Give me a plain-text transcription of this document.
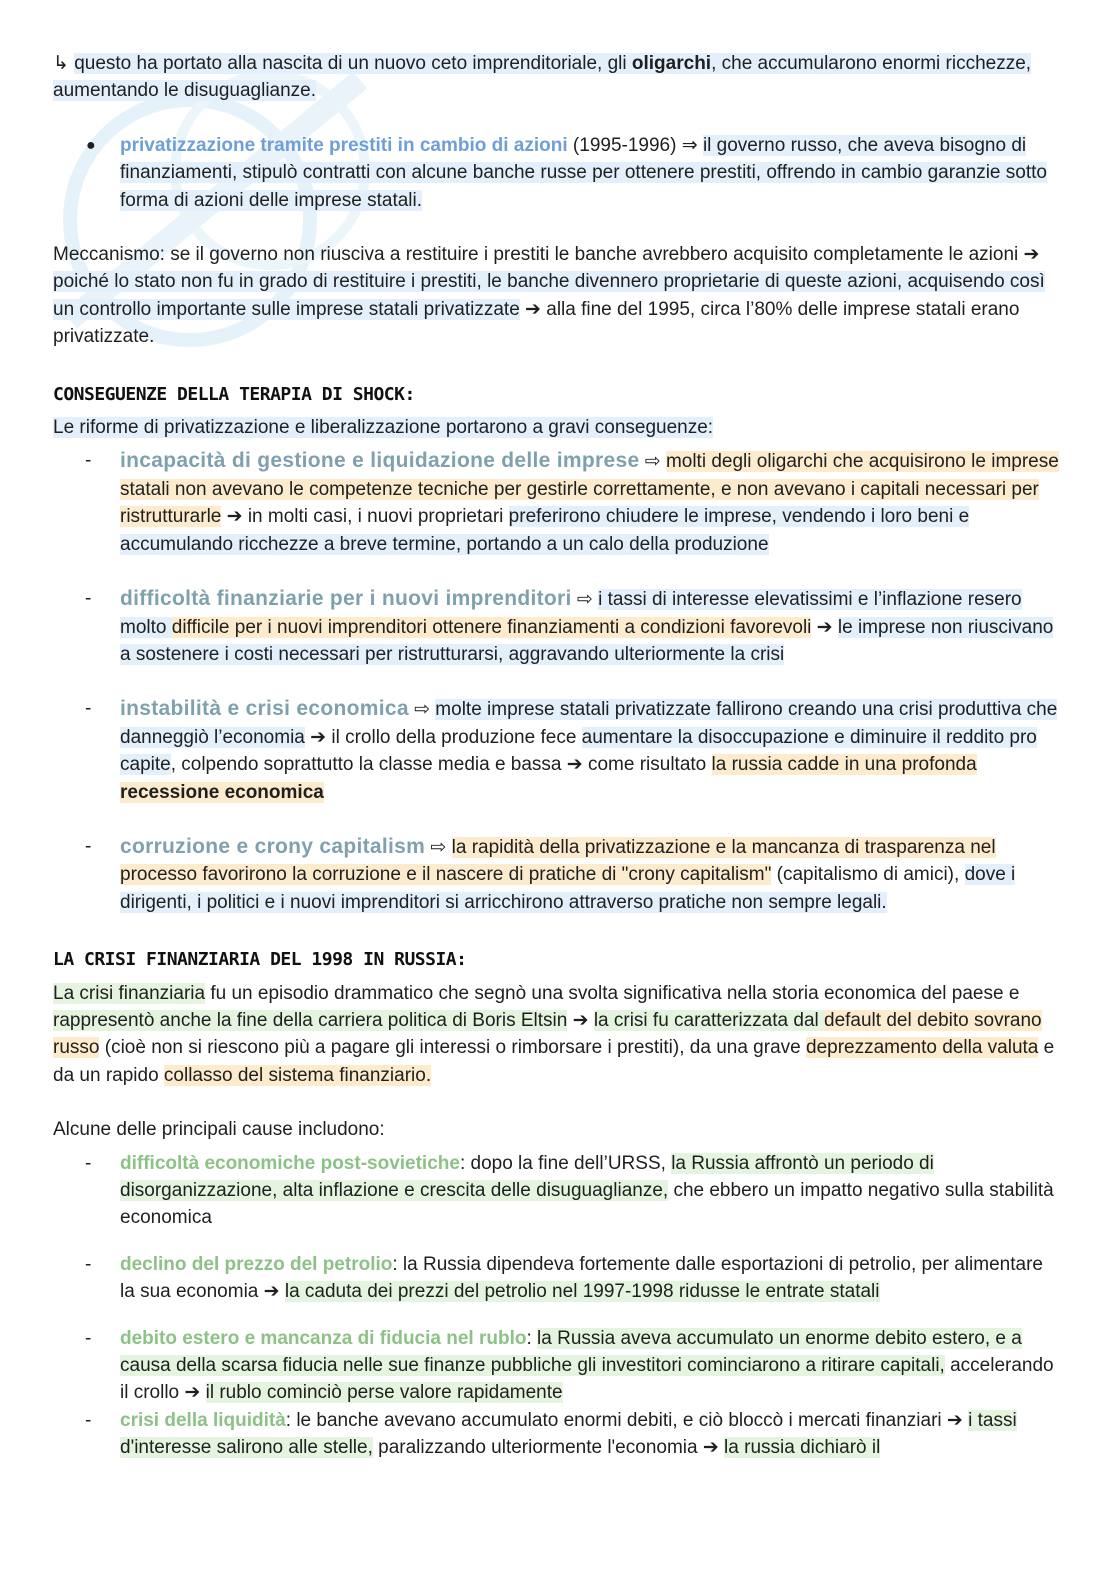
↳ questo ha portato alla nascita di un nuovo ceto imprenditoriale, gli oligarchi, che accumularono enormi ricchezze, aumentando le disuguaglianze.

● privatizzazione tramite prestiti in cambio di azioni (1995-1996) ⇒ il governo russo, che aveva bisogno di finanziamenti, stipulò contratti con alcune banche russe per ottenere prestiti, offrendo in cambio garanzie sotto forma di azioni delle imprese statali.

Meccanismo: se il governo non riusciva a restituire i prestiti le banche avrebbero acquisito completamente le azioni ➔ poiché lo stato non fu in grado di restituire i prestiti, le banche divennero proprietarie di queste azioni, acquisendo così un controllo importante sulle imprese statali privatizzate ➔ alla fine del 1995, circa l’80% delle imprese statali erano privatizzate.

CONSEGUENZE DELLA TERAPIA DI SHOCK:

Le riforme di privatizzazione e liberalizzazione portarono a gravi conseguenze:

- incapacità di gestione e liquidazione delle imprese ⇨ molti degli oligarchi che acquisirono le imprese statali non avevano le competenze tecniche per gestirle correttamente, e non avevano i capitali necessari per ristrutturarle ➔ in molti casi, i nuovi proprietari preferirono chiudere le imprese, vendendo i loro beni e accumulando ricchezze a breve termine, portando a un calo della produzione
- difficoltà finanziarie per i nuovi imprenditori ⇨ i tassi di interesse elevatissimi e l’inflazione resero molto difficile per i nuovi imprenditori ottenere finanziamenti a condizioni favorevoli ➔ le imprese non riuscivano a sostenere i costi necessari per ristrutturarsi, aggravando ulteriormente la crisi
- instabilità e crisi economica ⇨ molte imprese statali privatizzate fallirono creando una crisi produttiva che danneggiò l’economia ➔ il crollo della produzione fece aumentare la disoccupazione e diminuire il reddito pro capite, colpendo soprattutto la classe media e bassa ➔ come risultato la russia cadde in una profonda recessione economica
- corruzione e crony capitalism ⇨ la rapidità della privatizzazione e la mancanza di trasparenza nel processo favorirono la corruzione e il nascere di pratiche di "crony capitalism" (capitalismo di amici), dove i dirigenti, i politici e i nuovi imprenditori si arricchirono attraverso pratiche non sempre legali.
LA CRISI FINANZIARIA DEL 1998 IN RUSSIA:

La crisi finanziaria fu un episodio drammatico che segnò una svolta significativa nella storia economica del paese e rappresentò anche la fine della carriera politica di Boris Eltsin ➔ la crisi fu caratterizzata dal default del debito sovrano russo (cioè non si riescono più a pagare gli interessi o rimborsare i prestiti), da una grave deprezzamento della valuta e da un rapido collasso del sistema finanziario.

Alcune delle principali cause includono:

- difficoltà economiche post-sovietiche: dopo la fine dell’URSS, la Russia affrontò un periodo di disorganizzazione, alta inflazione e crescita delle disuguaglianze, che ebbero un impatto negativo sulla stabilità economica
- declino del prezzo del petrolio: la Russia dipendeva fortemente dalle esportazioni di petrolio, per alimentare la sua economia ➔ la caduta dei prezzi del petrolio nel 1997-1998 ridusse le entrate statali
- debito estero e mancanza di fiducia nel rublo: la Russia aveva accumulato un enorme debito estero, e a causa della scarsa fiducia nelle sue finanze pubbliche gli investitori cominciarono a ritirare capitali, accelerando il crollo ➔ il rublo cominciò perse valore rapidamente
- crisi della liquidità: le banche avevano accumulato enormi debiti, e ciò bloccò i mercati finanziari ➔ i tassi d'interesse salirono alle stelle, paralizzando ulteriormente l'economia ➔ la russia dichiarò il
